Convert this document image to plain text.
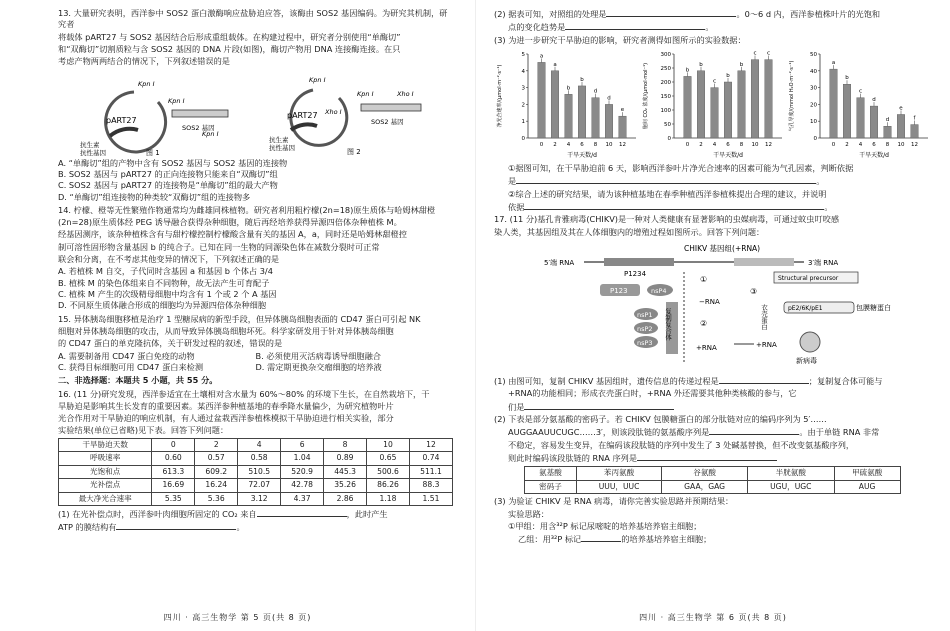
13. 大量研究表明，西洋参中 SOS2 蛋白激酶响应盐胁迫应答，该酶由 SOS2 基因编码。为研究其机制，研究者

将载体 pART27 与 SOS2 基因结合后形成重组载体。在构建过程中，研究者分别使用“单酶切”

和“双酶切”切割质粒与含 SOS2 基因的 DNA 片段(如图)，酶切产物用 DNA 连接酶连接。在只

考虑产物两两结合的情况下，下列叙述错误的是

pART27
Kpn Ⅰ
抗生素
抗性基因
SOS2 基因
Kpn Ⅰ
Kpn Ⅰ
图 1
pART27
Kpn Ⅰ
Xho Ⅰ
抗生素
抗性基因
SOS2 基因
Kpn Ⅰ	Xho Ⅰ
图 2

A. “单酶切”组的产物中含有 SOS2 基因与 SOS2 基因的连接物

B. SOS2 基因与 pART27 的正向连接物只能来自“双酶切”组

C. SOS2 基因与 pART27 的连接物是“单酶切”组的最大产物

D. “单酶切”组连接物的种类较“双酶切”组的连接物多

14. 柠檬、橙等无性繁殖作物通常均为雌雄同株植物。研究者利用粗柠檬(2n=18)原生质体与哈姆林甜橙

(2n=28)原生质体经 PEG 诱导融合获得杂种细胞，随后再经培养获得异源四倍体杂种植株 M。

经基因测序，该杂种植株含有与甜柠檬控制柠檬酸含量有关的基因 A，a，同时还是哈姆林甜橙控

制可溶性固形物含量基因 b 的纯合子。已知在同一生物的同源染色体在减数分裂时可正常

联会和分离，在不考虑其他变异的情况下，下列叙述正确的是

A. 若植株 M 自交，子代同时含基因 a 和基因 b 个体占 3/4

B. 植株 M 的染色体组来自不同物种，故无法产生可育配子

C. 植株 M 产生的次级精母细胞中均含有 1 个或 2 个 A 基因

D. 不同原生质体融合形成的细胞均为异源四倍体杂种细胞

15. 异体胰岛细胞移植是治疗 1 型糖尿病的新型手段，但异体胰岛细胞表面的 CD47 蛋白可引起 NK

细胞对异体胰岛细胞的攻击，从而导致异体胰岛细胞坏死。科学家研发用于针对异体胰岛细胞

的 CD47 蛋白的单克隆抗体，关于研发过程的叙述，错误的是

A. 需要制备用 CD47 蛋白免疫的动物	B. 必须使用灭活病毒诱导细胞融合
C. 获得目标细胞可用 CD47 蛋白来检测	D. 需定期更换杂交瘤细胞的培养液

二、非选择题：本题共 5 小题，共 55 分。

16. (11 分)研究发现，西洋参适宜在土壤相对含水量为 60%～80% 的环境下生长，在自然栽培下，干

旱胁迫是影响其生长发育的重要因素。某西洋参种植基地的春季降水量偏少，为研究植物叶片

光合作用对干旱胁迫的响应机制，有人通过盆栽西洋参植株模拟干旱胁迫进行相关实验，部分

实验结果(单位已省略)见下表。回答下列问题：

干旱胁迫天数	0	2	4	6	8	10	12
呼吸速率	0.60	0.57	0.58	1.04	0.89	0.65	0.74
光饱和点	613.3	609.2	510.5	520.9	445.3	500.6	511.1
光补偿点	16.69	16.24	72.07	42.78	35.26	86.26	88.3
最大净光合速率	5.35	5.36	3.12	4.37	2.86	1.18	1.51

(1) 在光补偿点时，西洋参叶肉细胞所固定的 CO₂ 来自	，此时产生

ATP 的膜结构有	。

四川 · 高三生物学 第 5 页(共 8 页)

(2) 据表可知，对照组的处理是	。0～6 d 内，西洋参植株叶片的光饱和

点的变化趋势是	。

(3) 为进一步研究干旱胁迫的影响，研究者测得如图所示的实验数据：

0
1
2
3
4
5	a
0
a
2
b
4
b
6
d
8
d
10
e
12
干旱天数/d
净光合速率/(μmol·m⁻²·s⁻¹)
0
50
100
150
200
250
300
b
0
b
2
c
4
b
6
b
8
c
10
c
12
干旱天数/d
胞间 CO₂ 浓度/(μmol·mol⁻¹)
0
10
20
30
40
50
a
0
b
2
c
4
d
6
d
8
e
10
f
12
干旱天数/d
气孔导度/(mmol H₂O·m⁻²·s⁻¹)

①据图可知，在干旱胁迫前 6 天，影响西洋参叶片净光合速率的因素可能为气孔因素，判断依据

是	。

②综合上述的研究结果，请为该种植基地在春季种植西洋参植株提出合理的建议，并说明

依据	。

17. (11 分)基孔肯雅病毒(CHIKV)是一种对人类健康有显著影响的虫媒病毒，可通过蚊虫叮咬感

染人类，其基因组及其在人体细胞内的增殖过程如图所示。回答下列问题：

CHIKV 基因组(+RNA)
5′端 RNA	3′端 RNA
P1234
P123	nsP4
nsP1
nsP2
nsP3
复制复合体
①
−RNA
②
+RNA
③
+RNA
Structural precursor
衣壳蛋白	pE2/6K/pE1	包膜糖蛋白
新病毒

(1) 由图可知，复制 CHIKV 基因组时，遗传信息的传递过程是	；复制复合体可能与

+RNA的功能相同；形成衣壳蛋白时，+RNA 外还需要其他种类核酸的参与，它

们是

(2) 下表是部分氨基酸的密码子。若 CHIKV 包膜糖蛋白的部分肽链对应的编码序列为 5′……

AUGGAAUUCUGC……3′，则该段肽链的氨基酸序列是	。由于单链 RNA 非常

不稳定，容易发生变异，在编码该段肽链的序列中发生了 3 处碱基替换，但不改变氨基酸序列，

则此时编码该段肽链的 RNA 序列是

氨基酸	苯丙氨酸	谷氨酸	半胱氨酸	甲硫氨酸
密码子	UUU，UUC	GAA，GAG	UGU，UGC	AUG

(3) 为验证 CHIKV 是 RNA 病毒，请你完善实验思路并预期结果：

实验思路：

①甲组：用含³²P 标记尿嘧啶的培养基培养宿主细胞；

乙组：用³²P 标记	的培养基培养宿主细胞；

四川 · 高三生物学 第 6 页(共 8 页)
